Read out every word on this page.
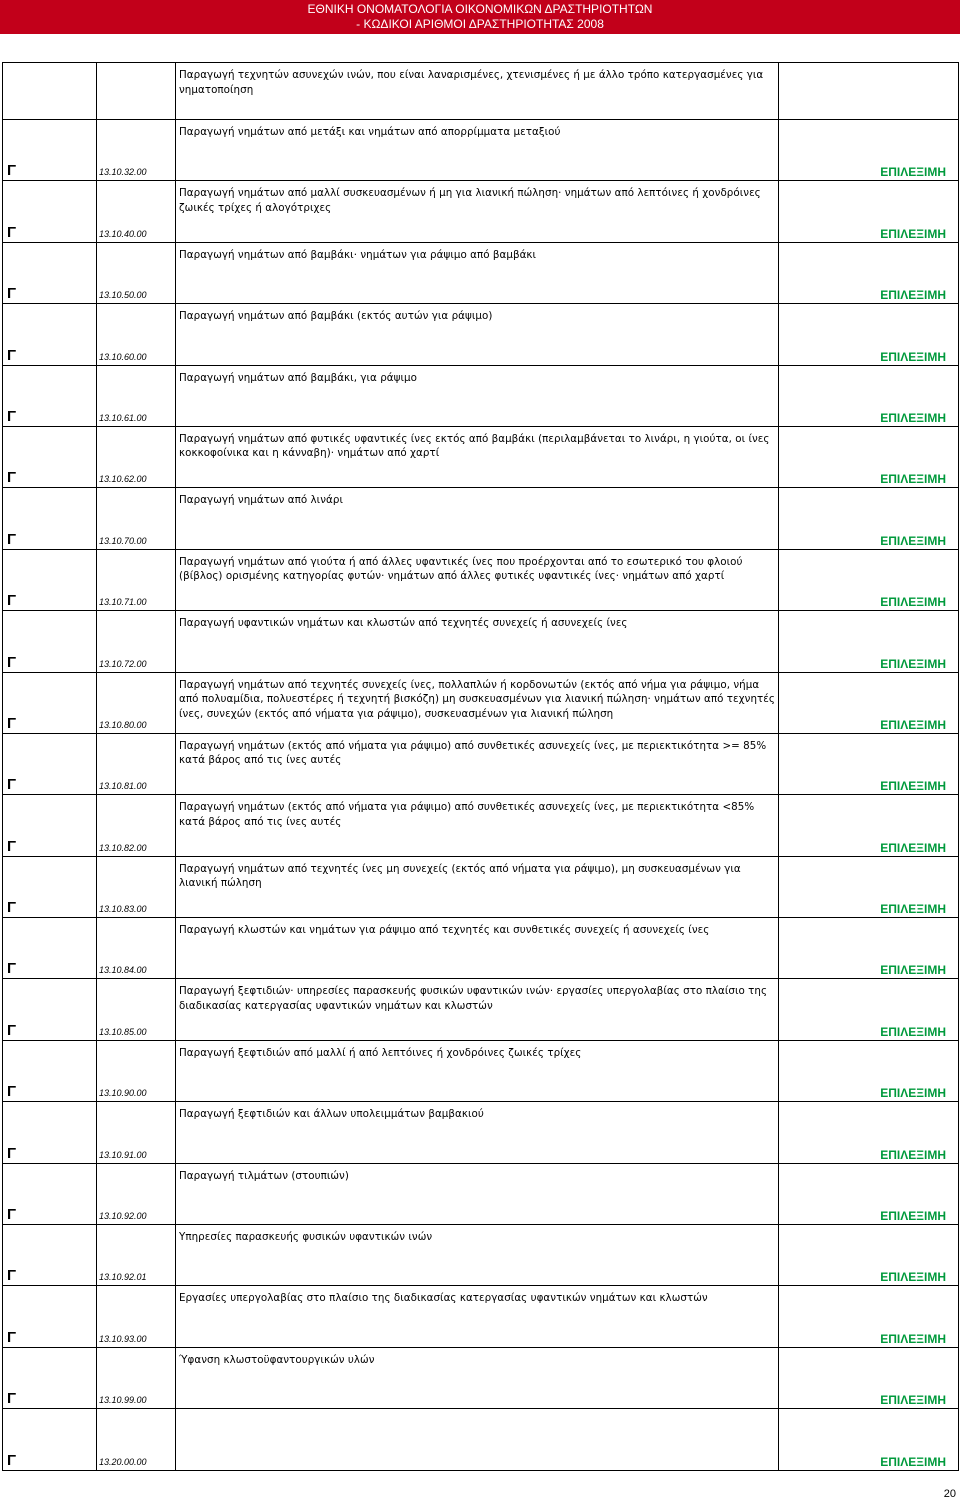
ΕΘΝΙΚΗ ΟΝΟΜΑΤΟΛΟΓΙΑ ΟΙΚΟΝΟΜΙΚΩΝ ΔΡΑΣΤΗΡΙΟΤΗΤΩΝ
- ΚΩΔΙΚΟΙ ΑΡΙΘΜΟΙ ΔΡΑΣΤΗΡΙΟΤΗΤΑΣ 2008

		Παραγωγή τεχνητών ασυνεχών ινών, που είναι λαναρισμένες, χτενισμένες ή με άλλο τρόπο κατεργασμένες για νηματοποίηση	

Γ	13.10.32.00	Παραγωγή νημάτων από μετάξι και νημάτων από απορρίμματα μεταξιού	ΕΠΙΛΕΞΙΜΗ

Γ	13.10.40.00	Παραγωγή νημάτων από μαλλί συσκευασμένων ή μη για λιανική πώληση· νημάτων από λεπτόινες ή χονδρόινες ζωικές τρίχες ή αλογότριχες	ΕΠΙΛΕΞΙΜΗ

Γ	13.10.50.00	Παραγωγή νημάτων από βαμβάκι· νημάτων για ράψιμο από βαμβάκι	ΕΠΙΛΕΞΙΜΗ

Γ	13.10.60.00	Παραγωγή νημάτων από βαμβάκι (εκτός αυτών για ράψιμο)	ΕΠΙΛΕΞΙΜΗ

Γ	13.10.61.00	Παραγωγή νημάτων από βαμβάκι, για ράψιμο	ΕΠΙΛΕΞΙΜΗ

Γ	13.10.62.00	Παραγωγή νημάτων από φυτικές υφαντικές ίνες εκτός από βαμβάκι (περιλαμβάνεται το λινάρι, η γιούτα, οι ίνες κοκκοφοίνικα και η κάνναβη)· νημάτων από χαρτί	ΕΠΙΛΕΞΙΜΗ

Γ	13.10.70.00	Παραγωγή νημάτων από λινάρι	ΕΠΙΛΕΞΙΜΗ

Γ	13.10.71.00	Παραγωγή νημάτων από γιούτα ή από άλλες υφαντικές ίνες που προέρχονται από το εσωτερικό του φλοιού (βίβλος) ορισμένης κατηγορίας φυτών· νημάτων από άλλες φυτικές υφαντικές ίνες· νημάτων από χαρτί	ΕΠΙΛΕΞΙΜΗ

Γ	13.10.72.00	Παραγωγή υφαντικών νημάτων και κλωστών από τεχνητές συνεχείς ή ασυνεχείς ίνες	ΕΠΙΛΕΞΙΜΗ

Γ	13.10.80.00	Παραγωγή νημάτων από τεχνητές συνεχείς ίνες, πολλαπλών ή κορδονωτών (εκτός από νήμα για ράψιμο, νήμα από πολυαμίδια, πολυεστέρες ή τεχνητή βισκόζη) μη συσκευασμένων για λιανική πώληση· νημάτων από τεχνητές ίνες, συνεχών (εκτός από νήματα για ράψιμο), συσκευασμένων για λιανική πώληση	ΕΠΙΛΕΞΙΜΗ

Γ	13.10.81.00	Παραγωγή νημάτων (εκτός από νήματα για ράψιμο) από συνθετικές ασυνεχείς ίνες, με περιεκτικότητα >= 85% κατά βάρος από τις ίνες αυτές	ΕΠΙΛΕΞΙΜΗ

Γ	13.10.82.00	Παραγωγή νημάτων (εκτός από νήματα για ράψιμο) από συνθετικές ασυνεχείς ίνες, με περιεκτικότητα <85% κατά βάρος από τις ίνες αυτές	ΕΠΙΛΕΞΙΜΗ

Γ	13.10.83.00	Παραγωγή νημάτων από τεχνητές ίνες μη συνεχείς (εκτός από νήματα για ράψιμο), μη συσκευασμένων για λιανική πώληση	ΕΠΙΛΕΞΙΜΗ

Γ	13.10.84.00	Παραγωγή κλωστών και νημάτων για ράψιμο από τεχνητές και συνθετικές συνεχείς ή ασυνεχείς ίνες	ΕΠΙΛΕΞΙΜΗ

Γ	13.10.85.00	Παραγωγή ξεφτιδιών· υπηρεσίες παρασκευής φυσικών υφαντικών ινών· εργασίες υπεργολαβίας στο πλαίσιο της διαδικασίας κατεργασίας υφαντικών νημάτων και κλωστών	ΕΠΙΛΕΞΙΜΗ

Γ	13.10.90.00	Παραγωγή ξεφτιδιών από μαλλί ή από λεπτόινες ή χονδρόινες ζωικές τρίχες	ΕΠΙΛΕΞΙΜΗ

Γ	13.10.91.00	Παραγωγή ξεφτιδιών και άλλων υπολειμμάτων βαμβακιού	ΕΠΙΛΕΞΙΜΗ

Γ	13.10.92.00	Παραγωγή τιλμάτων (στουπιών)	ΕΠΙΛΕΞΙΜΗ

Γ	13.10.92.01	Υπηρεσίες παρασκευής φυσικών υφαντικών ινών	ΕΠΙΛΕΞΙΜΗ

Γ	13.10.93.00	Εργασίες υπεργολαβίας στο πλαίσιο της διαδικασίας κατεργασίας υφαντικών νημάτων και κλωστών	ΕΠΙΛΕΞΙΜΗ

Γ	13.10.99.00	Ύφανση κλωστοϋφαντουργικών υλών	ΕΠΙΛΕΞΙΜΗ

Γ	13.20.00.00		ΕΠΙΛΕΞΙΜΗ
20
